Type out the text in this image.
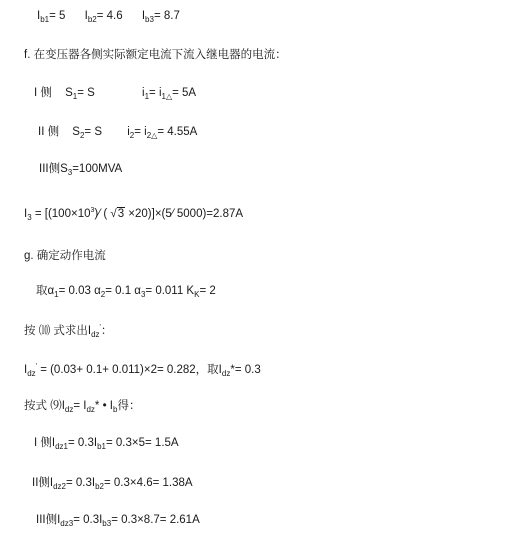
$I_{b1}= 5$ $I_{b2}= 4.6$ $I_{b3}= 8.7$
f. 在变压器各侧实际额定电流下流入继电器的电流：
I 侧 $S_1= S$	$i_1= i_{1\triangle}= 5A$
II 侧 $S_2= S$ $i_2= i_{2\triangle}= 4.55A$
III侧$S_3=100MVA$
$I_3$ = [$(100\times 10^3)⁄$ ( √3 ×20)]×(5⁄ 5000)=2.87A
g. 确定动作电流
取$\alpha_1= 0.03$ $\alpha_2= 0.1$ $\alpha_3= 0.011$ $K_K= 2$
按 ⑽ 式求出$I_{dz}'$：
$I_{dz}' = (0.03+ 0.1+ 0.011)\times 2= 0.282$，取$I_{dz}*= 0.3$
按式 $⑼I_{dz}= I_{dz}*$ • $I_b$得：
I 侧$I_{dz1}= 0.3I_{b1}= 0.3\times 5= 1.5A$
II侧$I_{dz2}= 0.3I_{b2}= 0.3\times 4.6= 1.38A$
III侧$I_{dz3}= 0.3I_{b3}= 0.3\times 8.7= 2.61A$
